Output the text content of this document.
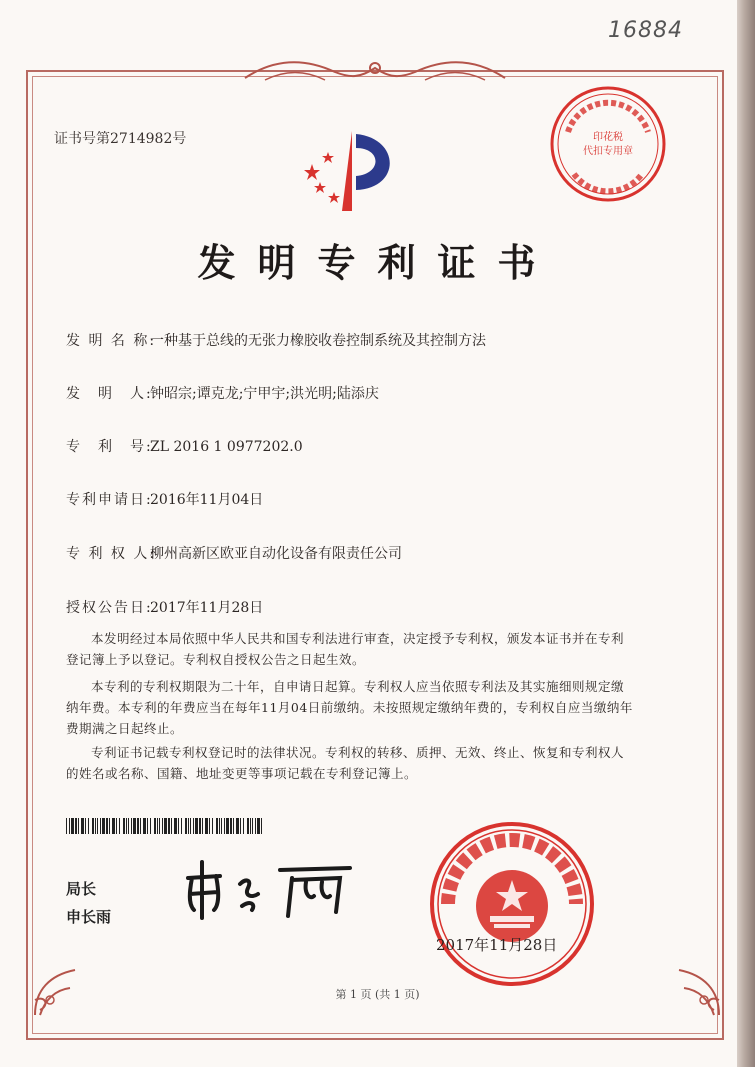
16884
证书号第2714982号	印花税
代扣专用章
发明专利证书
发 明 名 称:一种基于总线的无张力橡胶收卷控制系统及其控制方法
发　明　人:钟昭宗;谭克龙;宁甲宇;洪光明;陆添庆
专　利　号:ZL 2016 1 0977202.0
专利申请日:2016年11月04日
专 利 权 人:柳州高新区欧亚自动化设备有限责任公司
授权公告日:2017年11月28日
本发明经过本局依照中华人民共和国专利法进行审查，决定授予专利权，颁发本证书并在专利登记簿上予以登记。专利权自授权公告之日起生效。
本专利的专利权期限为二十年，自申请日起算。专利权人应当依照专利法及其实施细则规定缴纳年费。本专利的年费应当在每年11月04日前缴纳。未按照规定缴纳年费的，专利权自应当缴纳年费期满之日起终止。
专利证书记载专利权登记时的法律状况。专利权的转移、质押、无效、终止、恢复和专利权人的姓名或名称、国籍、地址变更等事项记载在专利登记簿上。
局长
申长雨
2017年11月28日
第 1 页 (共 1 页)
